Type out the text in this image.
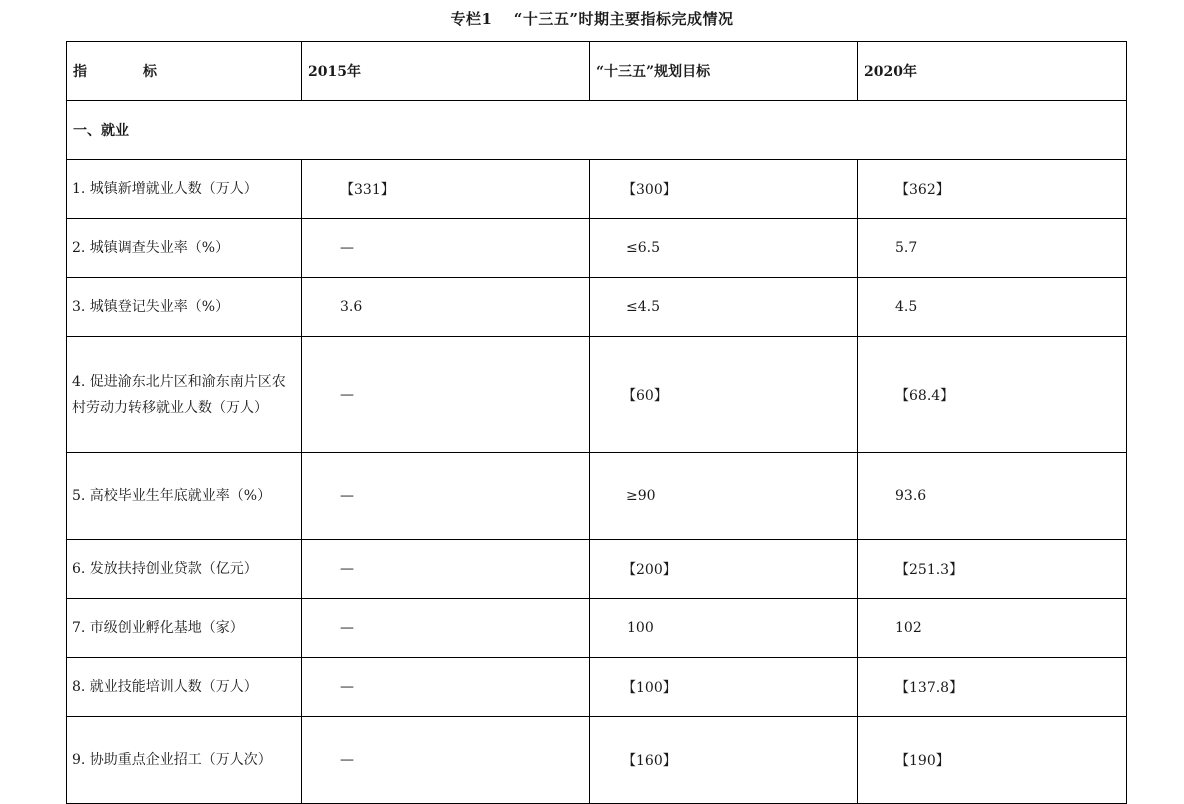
专栏1　 “十三五”时期主要指标完成情况
指　　　　标	2015年	“十三五”规划目标	2020年
一、就业			
1. 城镇新增就业人数（万人）	【331】	【300】	【362】
2. 城镇调查失业率（%）	—	≤6.5	5.7
3. 城镇登记失业率（%）	3.6	≤4.5	4.5
4. 促进渝东北片区和渝东南片区农村劳动力转移就业人数（万人）	—	【60】	【68.4】
5. 高校毕业生年底就业率（%）	—	≥90	93.6
6. 发放扶持创业贷款（亿元）	—	【200】	【251.3】
7. 市级创业孵化基地（家）	—	100	102
8. 就业技能培训人数（万人）	—	【100】	【137.8】
9. 协助重点企业招工（万人次）	—	【160】	【190】
